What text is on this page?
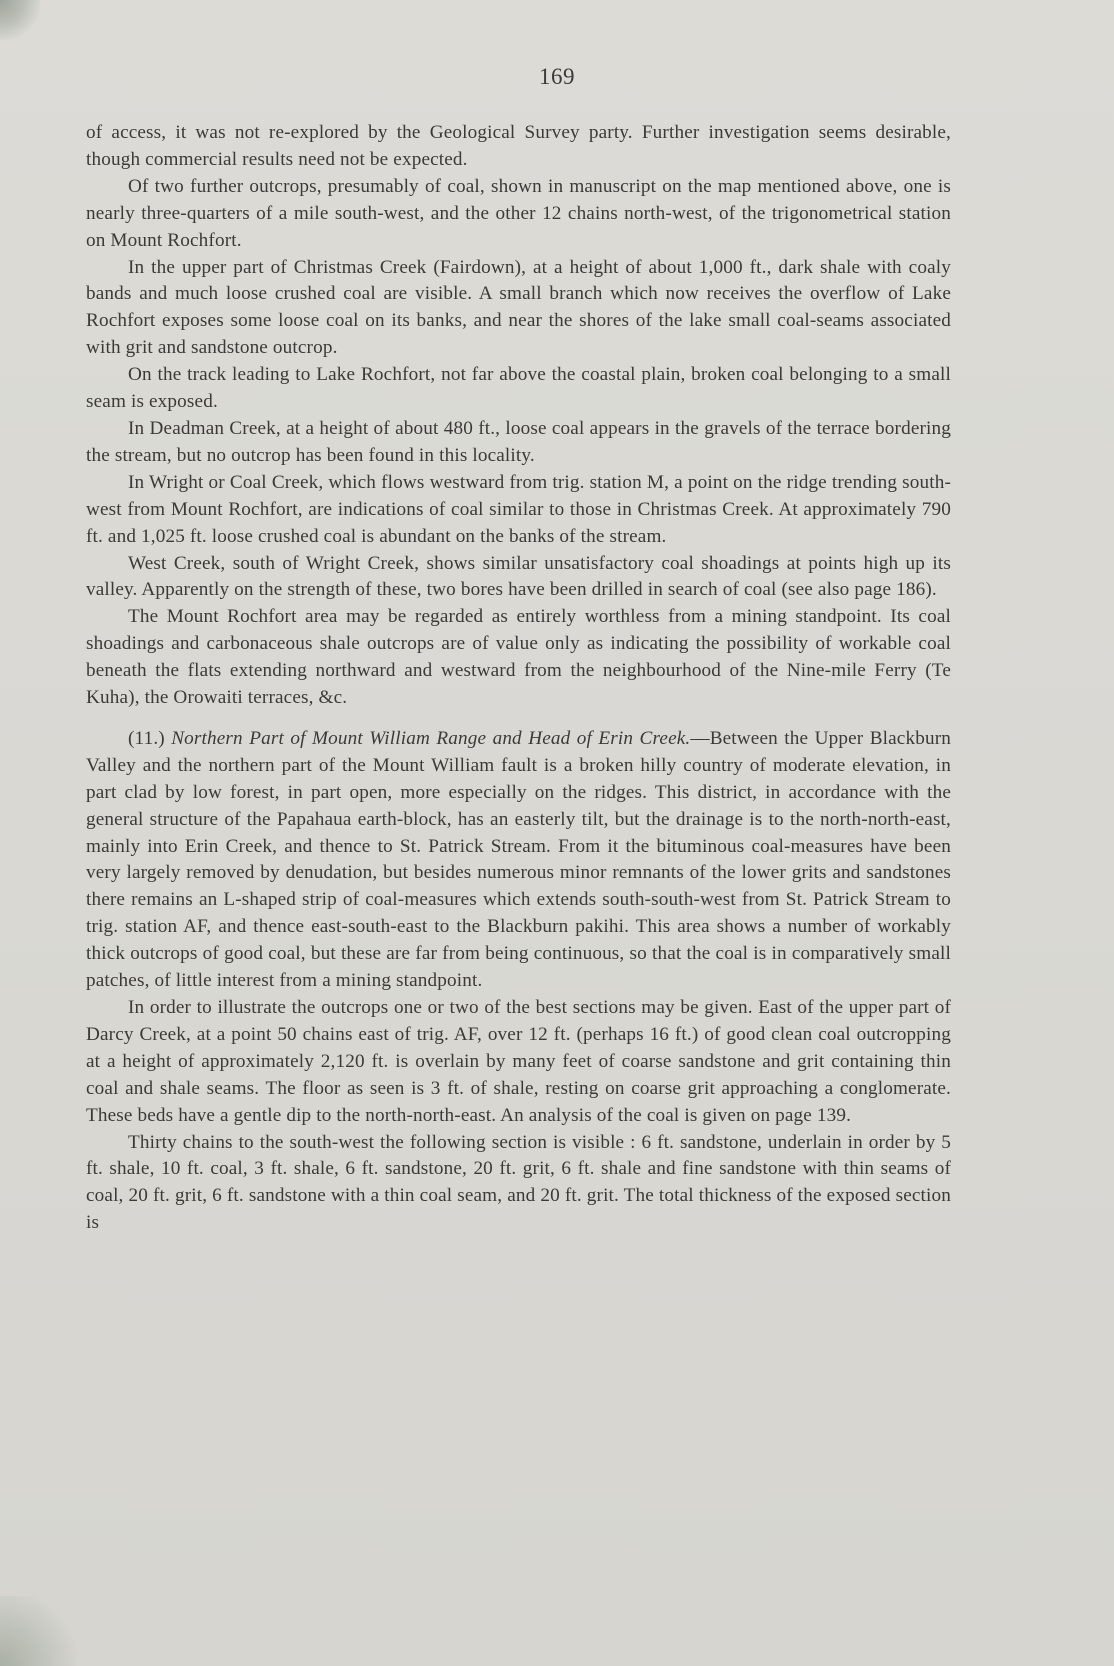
169

of access, it was not re-explored by the Geological Survey party. Further investigation seems desirable, though commercial results need not be expected.

Of two further outcrops, presumably of coal, shown in manuscript on the map mentioned above, one is nearly three-quarters of a mile south-west, and the other 12 chains north-west, of the trigonometrical station on Mount Rochfort.

In the upper part of Christmas Creek (Fairdown), at a height of about 1,000 ft., dark shale with coaly bands and much loose crushed coal are visible. A small branch which now receives the overflow of Lake Rochfort exposes some loose coal on its banks, and near the shores of the lake small coal-seams associated with grit and sandstone outcrop.

On the track leading to Lake Rochfort, not far above the coastal plain, broken coal belonging to a small seam is exposed.

In Deadman Creek, at a height of about 480 ft., loose coal appears in the gravels of the terrace bordering the stream, but no outcrop has been found in this locality.

In Wright or Coal Creek, which flows westward from trig. station M, a point on the ridge trending south-west from Mount Rochfort, are indications of coal similar to those in Christmas Creek. At approximately 790 ft. and 1,025 ft. loose crushed coal is abundant on the banks of the stream.

West Creek, south of Wright Creek, shows similar unsatisfactory coal shoadings at points high up its valley. Apparently on the strength of these, two bores have been drilled in search of coal (see also page 186).

The Mount Rochfort area may be regarded as entirely worthless from a mining standpoint. Its coal shoadings and carbonaceous shale outcrops are of value only as indicating the possibility of workable coal beneath the flats extending northward and westward from the neighbourhood of the Nine-mile Ferry (Te Kuha), the Orowaiti terraces, &c.

(11.) Northern Part of Mount William Range and Head of Erin Creek.—Between the Upper Blackburn Valley and the northern part of the Mount William fault is a broken hilly country of moderate elevation, in part clad by low forest, in part open, more especially on the ridges. This district, in accordance with the general structure of the Papahaua earth-block, has an easterly tilt, but the drainage is to the north-north-east, mainly into Erin Creek, and thence to St. Patrick Stream. From it the bituminous coal-measures have been very largely removed by denudation, but besides numerous minor remnants of the lower grits and sandstones there remains an L-shaped strip of coal-measures which extends south-south-west from St. Patrick Stream to trig. station AF, and thence east-south-east to the Blackburn pakihi. This area shows a number of workably thick outcrops of good coal, but these are far from being continuous, so that the coal is in comparatively small patches, of little interest from a mining standpoint.

In order to illustrate the outcrops one or two of the best sections may be given. East of the upper part of Darcy Creek, at a point 50 chains east of trig. AF, over 12 ft. (perhaps 16 ft.) of good clean coal outcropping at a height of approximately 2,120 ft. is overlain by many feet of coarse sandstone and grit containing thin coal and shale seams. The floor as seen is 3 ft. of shale, resting on coarse grit approaching a conglomerate. These beds have a gentle dip to the north-north-east. An analysis of the coal is given on page 139.

Thirty chains to the south-west the following section is visible : 6 ft. sandstone, underlain in order by 5 ft. shale, 10 ft. coal, 3 ft. shale, 6 ft. sandstone, 20 ft. grit, 6 ft. shale and fine sandstone with thin seams of coal, 20 ft. grit, 6 ft. sandstone with a thin coal seam, and 20 ft. grit. The total thickness of the exposed section is
